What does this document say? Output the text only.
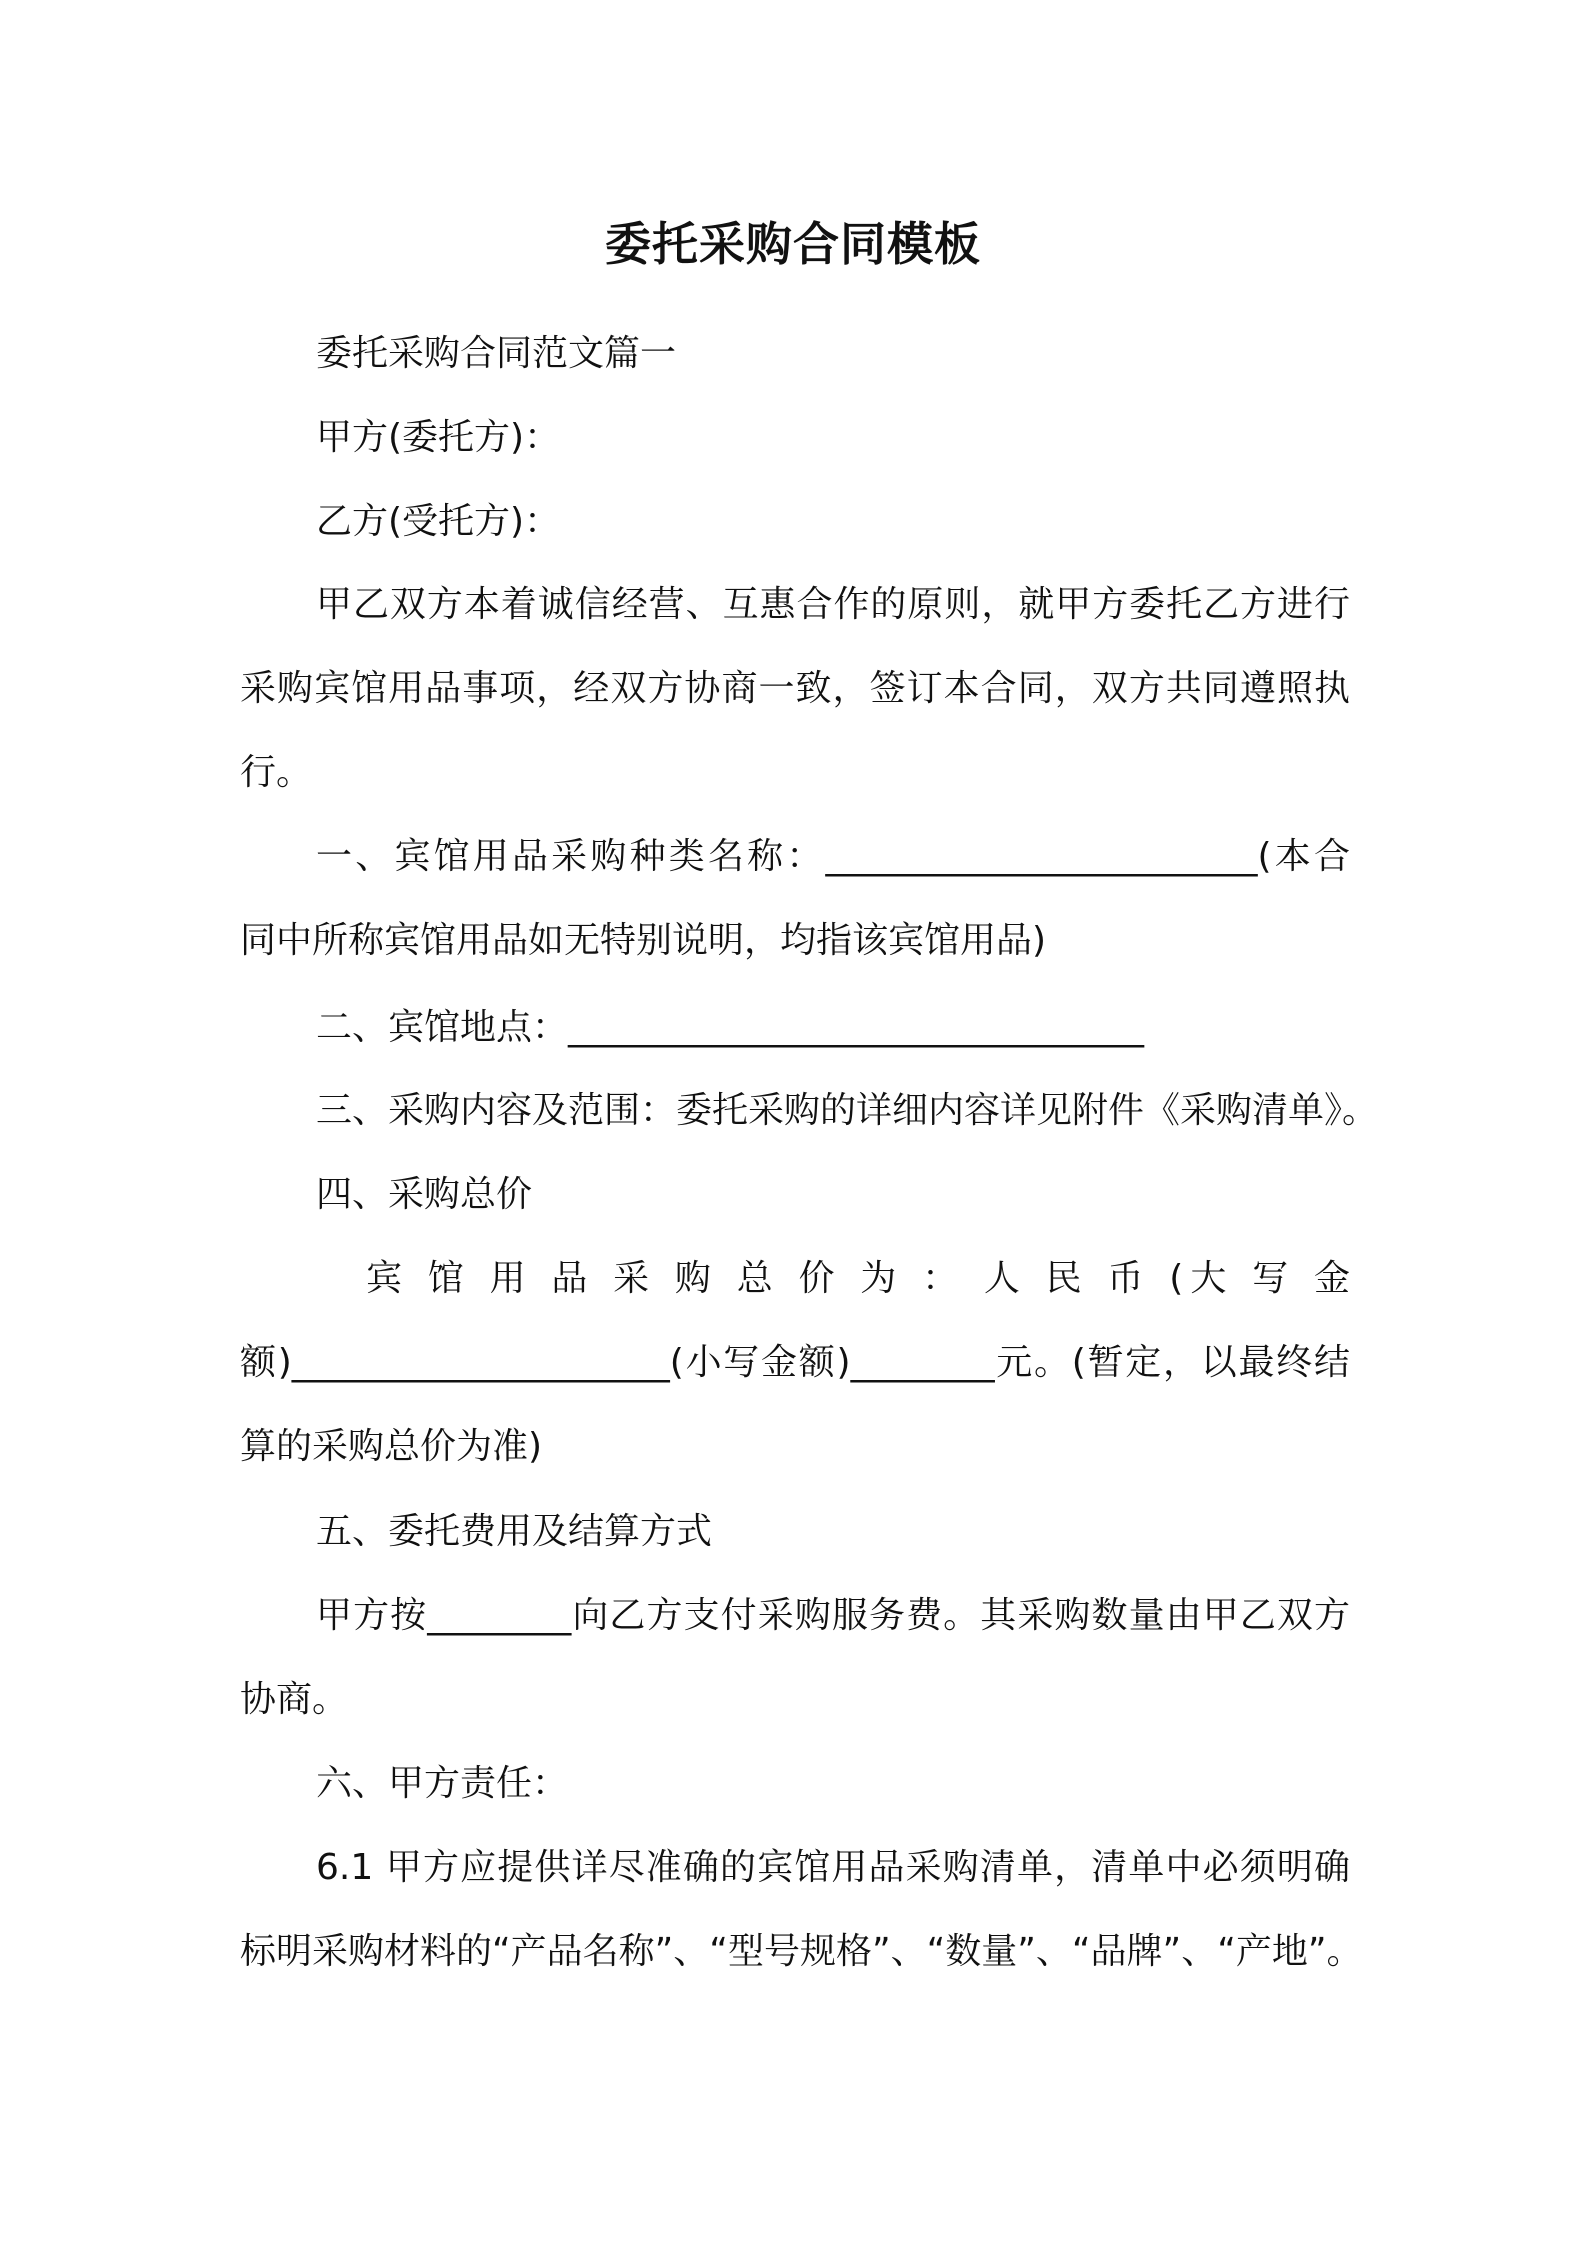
委托采购合同模板

委托采购合同范文篇一

甲方(委托方)：

乙方(受托方)：

甲乙双方本着诚信经营、互惠合作的原则，就甲方委托乙方进行

采购宾馆用品事项，经双方协商一致，签订本合同，双方共同遵照执

行。

一、宾馆用品采购种类名称：________________________(本合

同中所称宾馆用品如无特别说明，均指该宾馆用品)

二、宾馆地点：________________________________

三、采购内容及范围：委托采购的详细内容详见附件《采购清单》。

四、采购总价

宾 馆 用 品 采 购 总 价 为 ： 人 民 币 (大 写 金

额)_____________________(小写金额)________元。(暂定，以最终结

算的采购总价为准)

五、委托费用及结算方式

甲方按________向乙方支付采购服务费。其采购数量由甲乙双方

协商。

六、甲方责任：

6.1 甲方应提供详尽准确的宾馆用品采购清单，清单中必须明确

标明采购材料的“产品名称”、“型号规格”、“数量”、“品牌”、“产地”。
